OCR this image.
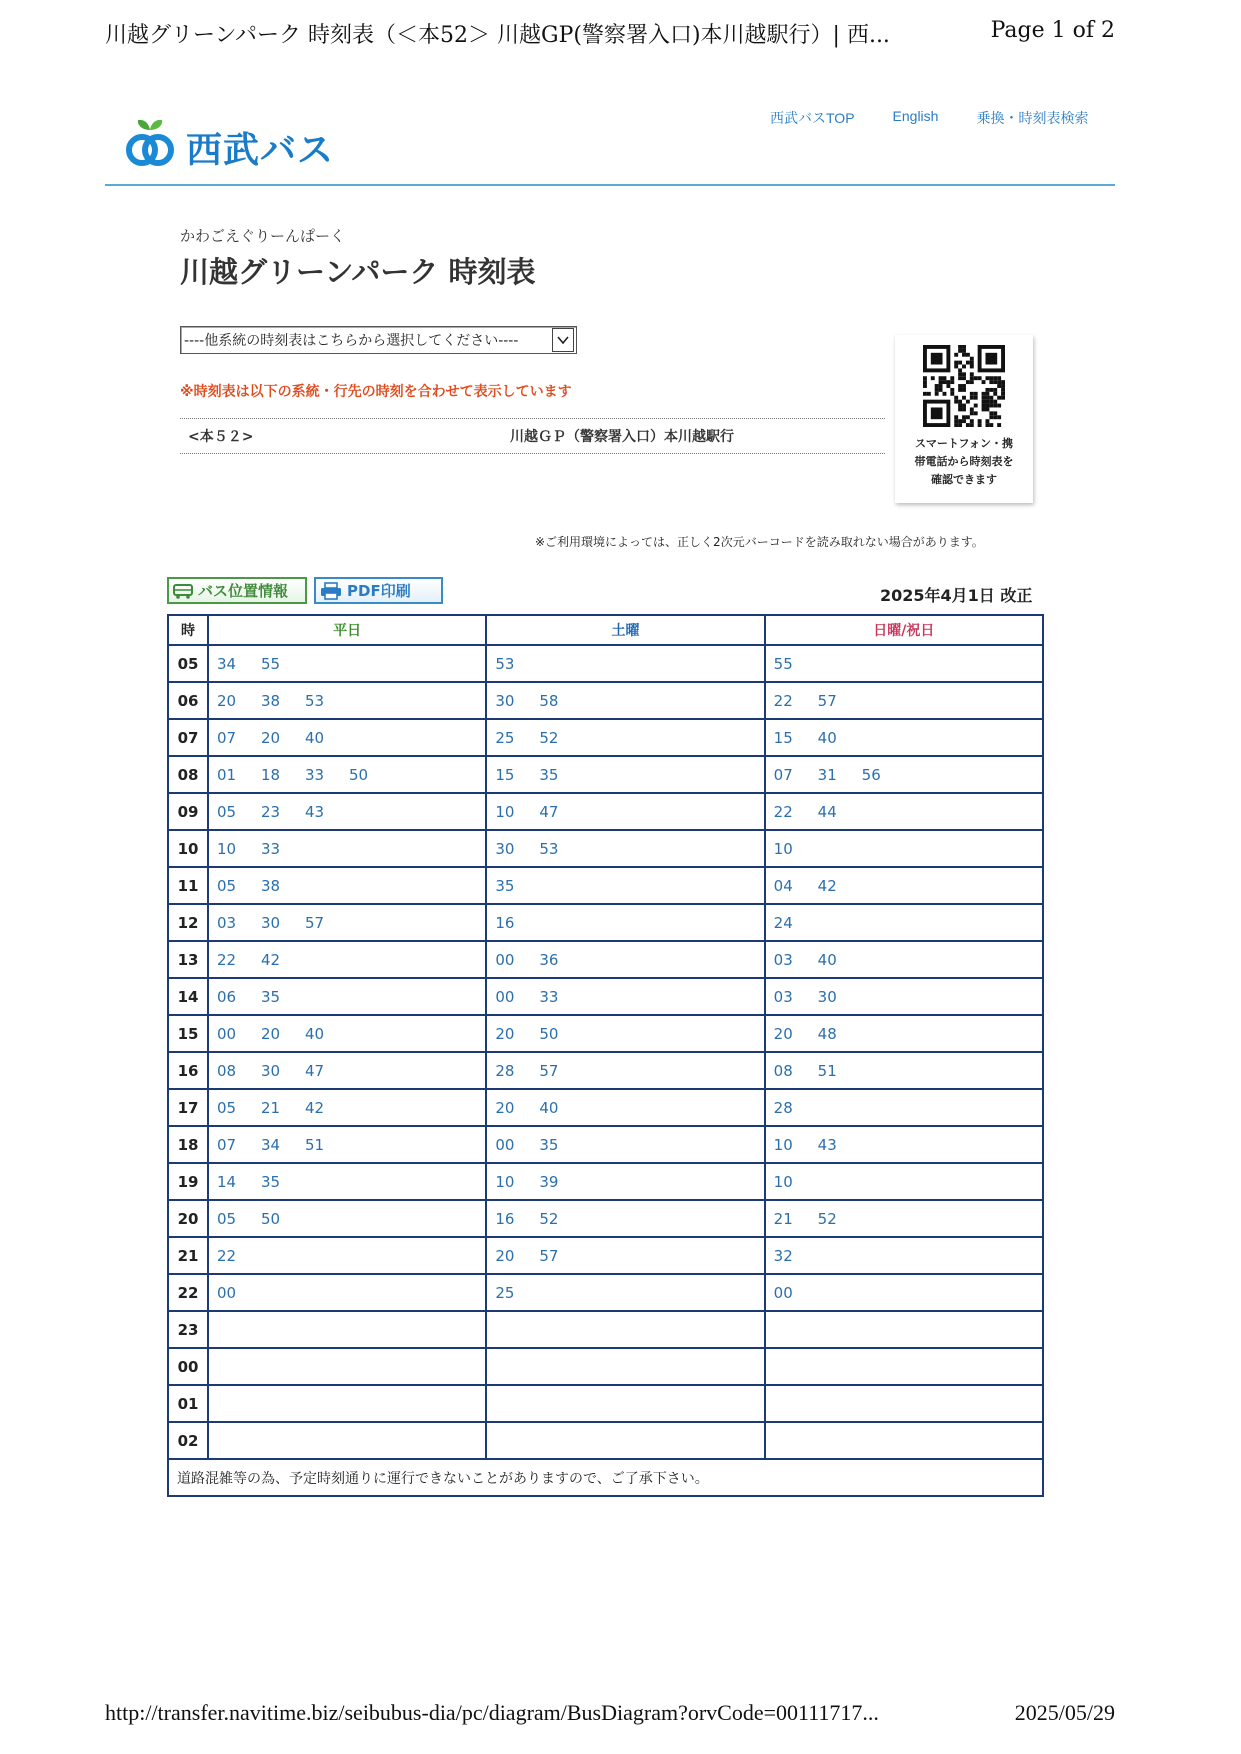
川越グリーンパーク 時刻表（＜本52＞ 川越GP(警察署入口)本川越駅行）| 西...	Page 1 of 2
西武バス
西武バスTOP	English	乗換・時刻表検索
かわごえぐりーんぱーく
川越グリーンパーク 時刻表
----他系統の時刻表はこちらから選択してください----
※時刻表は以下の系統・行先の時刻を合わせて表示しています
<本５２>	川越ＧＰ（警察署入口）本川越駅行	スマートフォン・携
帯電話から時刻表を
確認できます
※ご利用環境によっては、正しく2次元バーコードを読み取れない場合があります。
バス位置情報	PDF印刷	2025年4月1日 改正
時	平日	土曜	日曜/祝日
05	34 55	53	55
06	20 38 53	30 58	22 57
07	07 20 40	25 52	15 40
08	01 18 33 50	15 35	07 31 56
09	05 23 43	10 47	22 44
10	10 33	30 53	10
11	05 38	35	04 42
12	03 30 57	16	24
13	22 42	00 36	03 40
14	06 35	00 33	03 30
15	00 20 40	20 50	20 48
16	08 30 47	28 57	08 51
17	05 21 42	20 40	28
18	07 34 51	00 35	10 43
19	14 35	10 39	10
20	05 50	16 52	21 52
21	22	20 57	32
22	00	25	00
23			
00			
01			
02			
道路混雑等の為、予定時刻通りに運行できないことがありますので、ご了承下さい。			
http://transfer.navitime.biz/seibubus-dia/pc/diagram/BusDiagram?orvCode=00111717...	2025/05/29
